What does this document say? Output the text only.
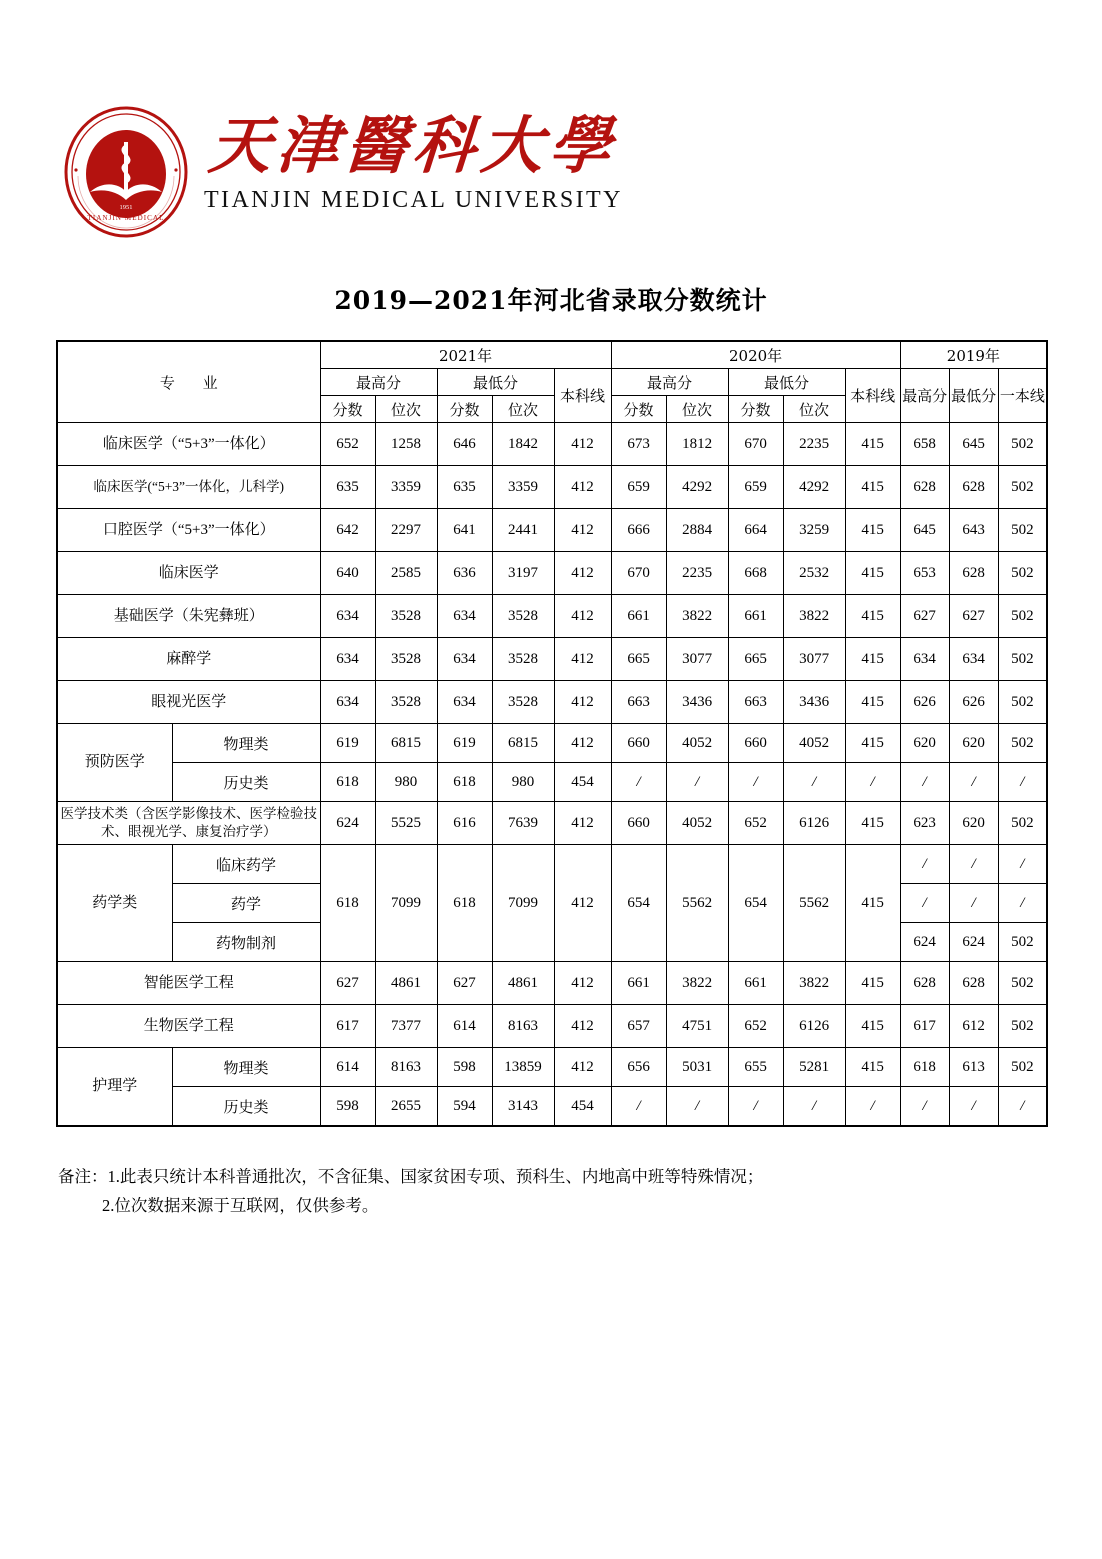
TIANJIN MEDICAL
1951
天津醫科大學
TIANJIN MEDICAL UNIVERSITY
2019—2021年河北省录取分数统计
专 业		2021年					2020年					2019年		
		最高分		最低分		本科线	最高分		最低分		本科线	最高分	最低分	一本线
		分数	位次	分数	位次		分数	位次	分数	位次				
临床医学（“5+3”一体化）		652	1258	646	1842	412	673	1812	670	2235	415	658	645	502
临床医学(“5+3”一体化，儿科学)		635	3359	635	3359	412	659	4292	659	4292	415	628	628	502
口腔医学（“5+3”一体化）		642	2297	641	2441	412	666	2884	664	3259	415	645	643	502
临床医学		640	2585	636	3197	412	670	2235	668	2532	415	653	628	502
基础医学（朱宪彝班）		634	3528	634	3528	412	661	3822	661	3822	415	627	627	502
麻醉学		634	3528	634	3528	412	665	3077	665	3077	415	634	634	502
眼视光医学		634	3528	634	3528	412	663	3436	663	3436	415	626	626	502
预防医学	物理类	619	6815	619	6815	412	660	4052	660	4052	415	620	620	502
	历史类	618	980	618	980	454	/	/	/	/	/	/	/	/
医学技术类（含医学影像技术、医学检验技术、眼视光学、康复治疗学）		624	5525	616	7639	412	660	4052	652	6126	415	623	620	502
药学类	临床药学	618	7099	618	7099	412	654	5562	654	5562	415	/	/	/
	药学											/	/	/
	药物制剂											624	624	502
智能医学工程		627	4861	627	4861	412	661	3822	661	3822	415	628	628	502
生物医学工程		617	7377	614	8163	412	657	4751	652	6126	415	617	612	502
护理学	物理类	614	8163	598	13859	412	656	5031	655	5281	415	618	613	502
	历史类	598	2655	594	3143	454	/	/	/	/	/	/	/	/
备注：1.此表只统计本科普通批次，不含征集、国家贫困专项、预科生、内地高中班等特殊情况；
2.位次数据来源于互联网，仅供参考。
